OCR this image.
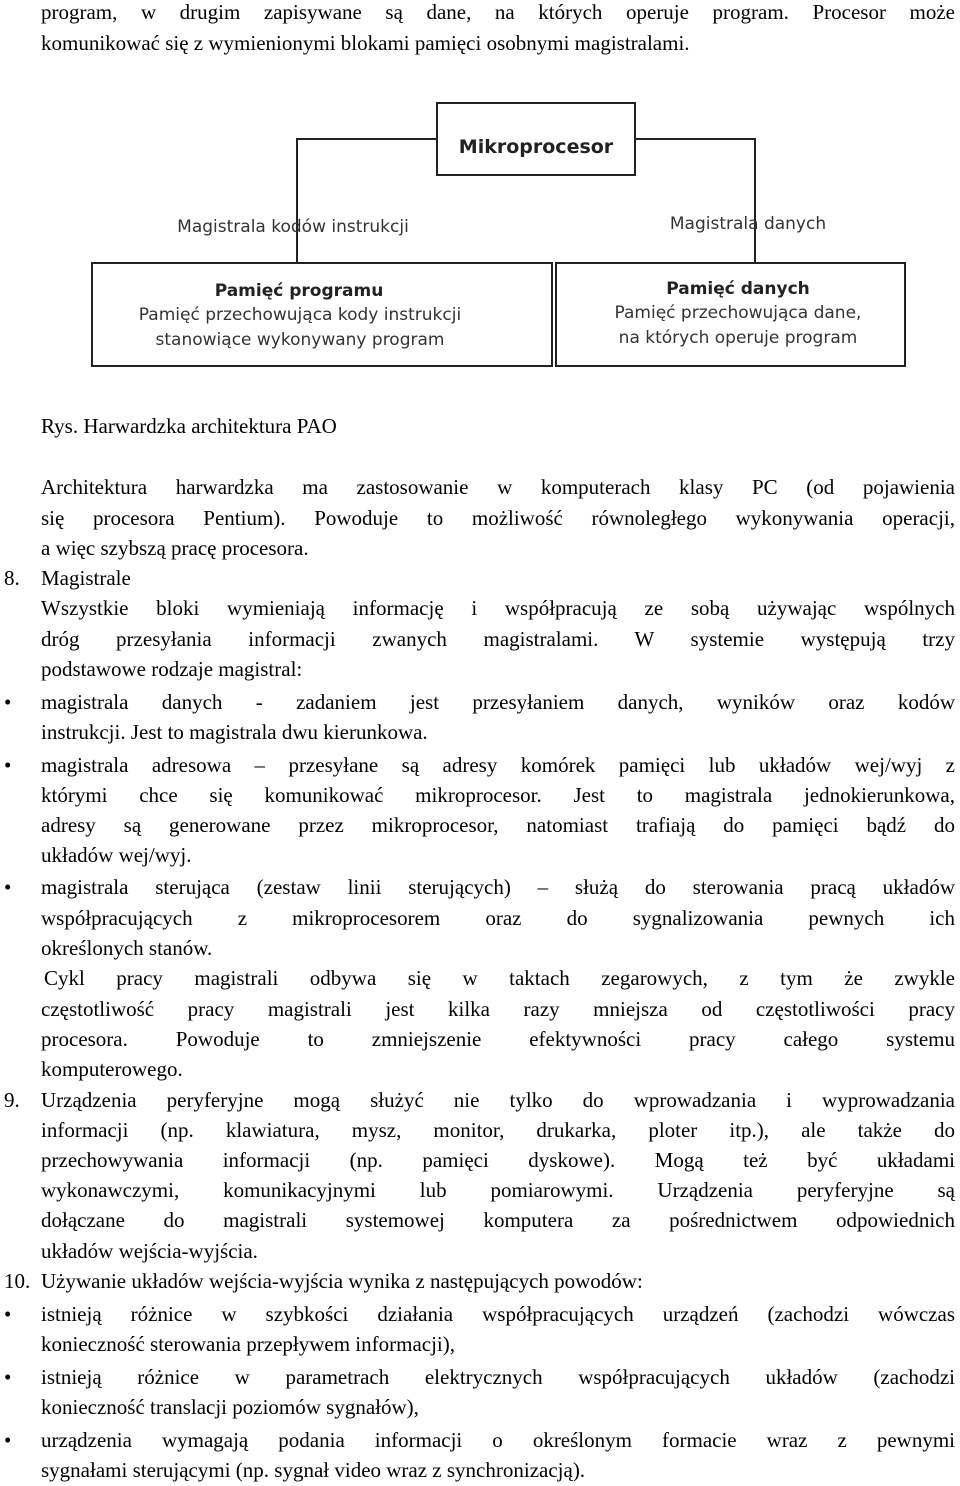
program, w drugim zapisywane są dane, na których operuje program. Procesor może
komunikować się z wymienionymi blokami pamięci osobnymi magistralami.
Mikroprocesor
Magistrala kodów instrukcji	Magistrala danych
Pamięć programu
Pamięć przechowująca kody instrukcji
stanowiące wykonywany program
Pamięć danych
Pamięć przechowująca dane,
na których operuje program
Rys. Harwardzka architektura PAO
Architektura harwardzka ma zastosowanie w komputerach klasy PC (od pojawienia
się procesora Pentium). Powoduje to możliwość równoległego wykonywania operacji,
a więc szybszą pracę procesora.
8. Magistrale
Wszystkie bloki wymieniają informację i współpracują ze sobą używając wspólnych
dróg przesyłania informacji zwanych magistralami. W systemie występują trzy
podstawowe rodzaje magistral:
• magistrala danych - zadaniem jest przesyłaniem danych, wyników oraz kodów
instrukcji. Jest to magistrala dwu kierunkowa.
• magistrala adresowa – przesyłane są adresy komórek pamięci lub układów wej/wyj z
którymi chce się komunikować mikroprocesor. Jest to magistrala jednokierunkowa,
adresy są generowane przez mikroprocesor, natomiast trafiają do pamięci bądź do
układów wej/wyj.
• magistrala sterująca (zestaw linii sterujących) – służą do sterowania pracą układów
współpracujących z mikroprocesorem oraz do sygnalizowania pewnych ich
określonych stanów.
Cykl pracy magistrali odbywa się w taktach zegarowych, z tym że zwykle
częstotliwość pracy magistrali jest kilka razy mniejsza od częstotliwości pracy
procesora. Powoduje to zmniejszenie efektywności pracy całego systemu
komputerowego.
9. Urządzenia peryferyjne mogą służyć nie tylko do wprowadzania i wyprowadzania
informacji (np. klawiatura, mysz, monitor, drukarka, ploter itp.), ale także do
przechowywania informacji (np. pamięci dyskowe). Mogą też być układami
wykonawczymi, komunikacyjnymi lub pomiarowymi. Urządzenia peryferyjne są
dołączane do magistrali systemowej komputera za pośrednictwem odpowiednich
układów wejścia-wyjścia.
10. Używanie układów wejścia-wyjścia wynika z następujących powodów:
• istnieją różnice w szybkości działania współpracujących urządzeń (zachodzi wówczas
konieczność sterowania przepływem informacji),
• istnieją różnice w parametrach elektrycznych współpracujących układów (zachodzi
konieczność translacji poziomów sygnałów),
• urządzenia wymagają podania informacji o określonym formacie wraz z pewnymi
sygnałami sterującymi (np. sygnał video wraz z synchronizacją).
